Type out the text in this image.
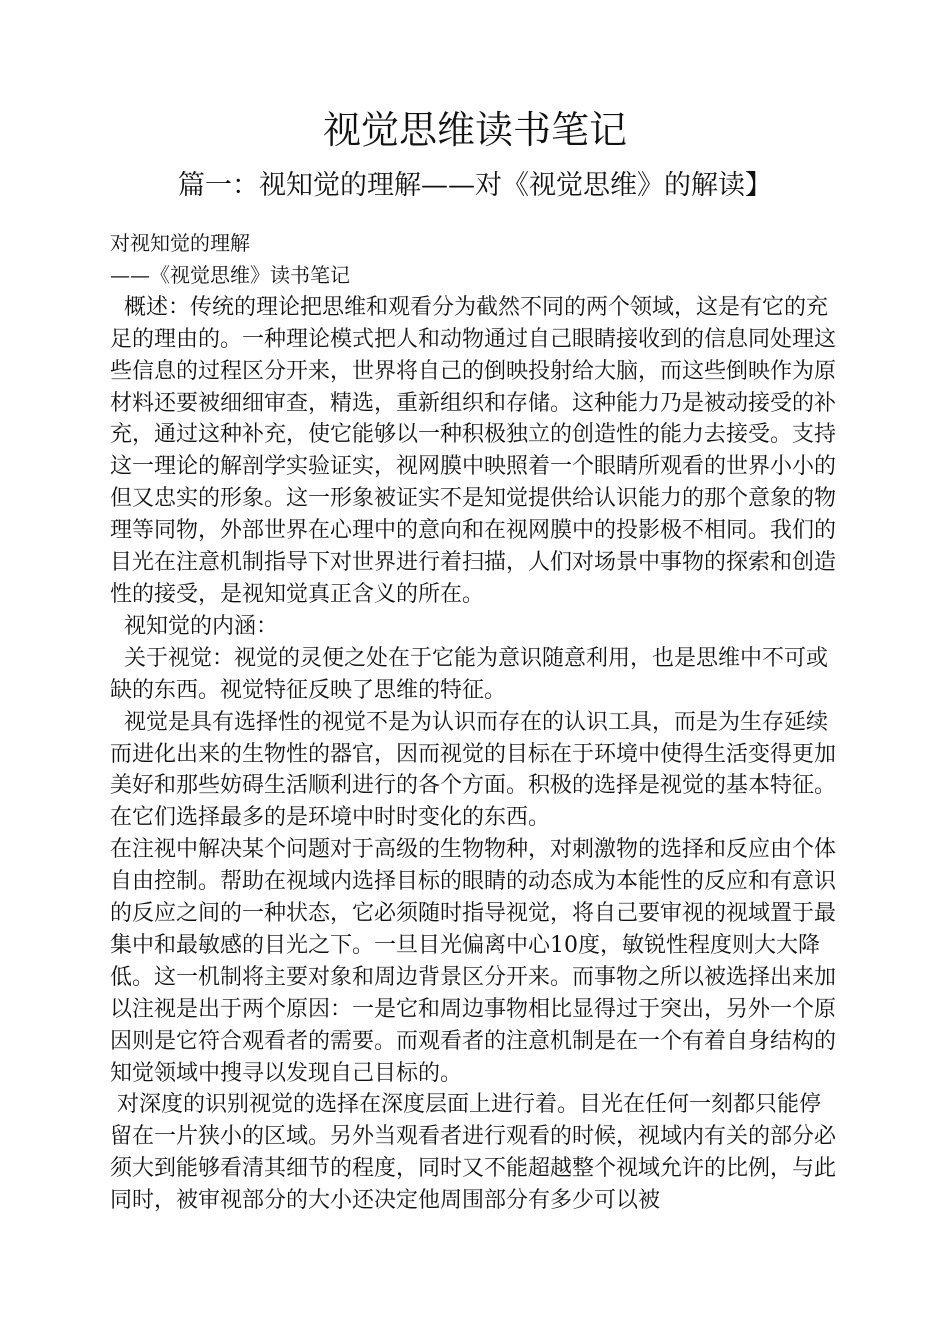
视觉思维读书笔记
篇一：视知觉的理解——对《视觉思维》的解读】

对视知觉的理解

——《视觉思维》读书笔记

概述：传统的理论把思维和观看分为截然不同的两个领域，这是有它的充足的理由的。一种理论模式把人和动物通过自己眼睛接收到的信息同处理这些信息的过程区分开来，世界将自己的倒映投射给大脑，而这些倒映作为原材料还要被细细审查，精选，重新组织和存储。这种能力乃是被动接受的补充，通过这种补充，使它能够以一种积极独立的创造性的能力去接受。支持这一理论的解剖学实验证实，视网膜中映照着一个眼睛所观看的世界小小的但又忠实的形象。这一形象被证实不是知觉提供给认识能力的那个意象的物理等同物，外部世界在心理中的意向和在视网膜中的投影极不相同。我们的目光在注意机制指导下对世界进行着扫描，人们对场景中事物的探索和创造性的接受，是视知觉真正含义的所在。

视知觉的内涵：

关于视觉：视觉的灵便之处在于它能为意识随意利用，也是思维中不可或缺的东西。视觉特征反映了思维的特征。

视觉是具有选择性的视觉不是为认识而存在的认识工具，而是为生存延续而进化出来的生物性的器官，因而视觉的目标在于环境中使得生活变得更加美好和那些妨碍生活顺利进行的各个方面。积极的选择是视觉的基本特征。在它们选择最多的是环境中时时变化的东西。

在注视中解决某个问题对于高级的生物物种，对刺激物的选择和反应由个体自由控制。帮助在视域内选择目标的眼睛的动态成为本能性的反应和有意识的反应之间的一种状态，它必须随时指导视觉，将自己要审视的视域置于最集中和最敏感的目光之下。一旦目光偏离中心10度，敏锐性程度则大大降低。这一机制将主要对象和周边背景区分开来。而事物之所以被选择出来加以注视是出于两个原因：一是它和周边事物相比显得过于突出，另外一个原因则是它符合观看者的需要。而观看者的注意机制是在一个有着自身结构的知觉领域中搜寻以发现自己目标的。

对深度的识别视觉的选择在深度层面上进行着。目光在任何一刻都只能停留在一片狭小的区域。另外当观看者进行观看的时候，视域内有关的部分必须大到能够看清其细节的程度，同时又不能超越整个视域允许的比例，与此同时，被审视部分的大小还决定他周围部分有多少可以被
